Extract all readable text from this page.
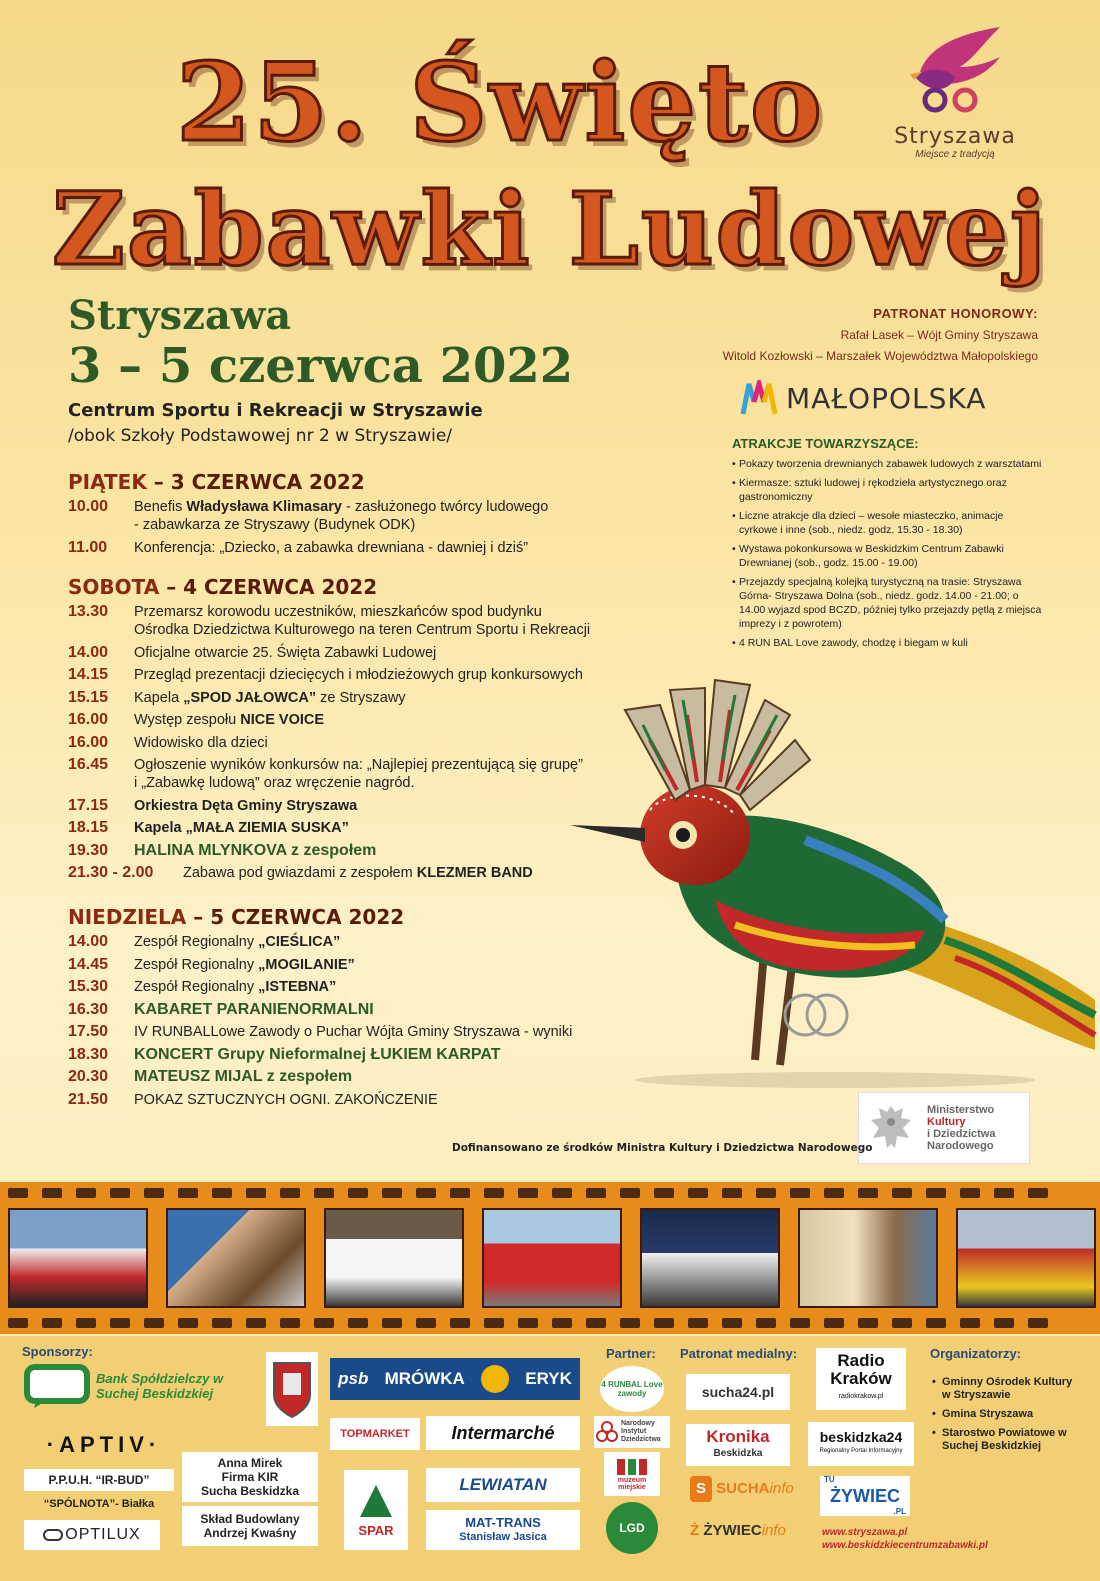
25. Święto
Zabawki Ludowej
Stryszawa
Miejsce z tradycją
Stryszawa
3 – 5 czerwca 2022
Centrum Sportu i Rekreacji w Stryszawie
/obok Szkoły Podstawowej nr 2 w Stryszawie/
PATRONAT HONOROWY:
Rafał Lasek – Wójt Gminy Stryszawa
Witold Kozłowski – Marszałek Województwa Małopolskiego
MAŁOPOLSKA
ATRAKCJE TOWARZYSZĄCE:
• Pokazy tworzenia drewnianych zabawek ludowych z warsztatami
• Kiermasze: sztuki ludowej i rękodzieła artystycznego oraz gastronomiczny
• Liczne atrakcje dla dzieci – wesołe miasteczko, animacje cyrkowe i inne (sob., niedz. godz. 15.30 - 18.30)
• Wystawa pokonkursowa w Beskidzkim Centrum Zabawki Drewnianej (sob., godz. 15.00 - 19.00)
• Przejazdy specjalną kolejką turystyczną na trasie: Stryszawa Górna- Stryszawa Dolna (sob., niedz. godz. 14.00 - 21.00; o 14.00 wyjazd spod BCZD, później tylko przejazdy pętlą z miejsca imprezy i z powrotem)
• 4 RUN BAL Love zawody, chodzę i biegam w kuli
PIĄTEK – 3 CZERWCA 2022
10.00	Benefis Władysława Klimasary - zasłużonego twórcy ludowego
- zabawkarza ze Stryszawy (Budynek ODK)
11.00	Konferencja: „Dziecko, a zabawka drewniana - dawniej i dziś”
SOBOTA – 4 CZERWCA 2022
13.30	Przemarsz korowodu uczestników, mieszkańców spod budynku
Ośrodka Dziedzictwa Kulturowego na teren Centrum Sportu i Rekreacji
14.00	Oficjalne otwarcie 25. Święta Zabawki Ludowej
14.15	Przegląd prezentacji dziecięcych i młodzieżowych grup konkursowych
15.15	Kapela „SPOD JAŁOWCA” ze Stryszawy
16.00	Występ zespołu NICE VOICE
16.00	Widowisko dla dzieci
16.45	Ogłoszenie wyników konkursów na: „Najlepiej prezentującą się grupę”
i „Zabawkę ludową” oraz wręczenie nagród.
17.15	Orkiestra Dęta Gminy Stryszawa
18.15	Kapela „MAŁA ZIEMIA SUSKA”
19.30	HALINA MLYNKOVA z zespołem
21.30 - 2.00	Zabawa pod gwiazdami z zespołem KLEZMER BAND
NIEDZIELA – 5 CZERWCA 2022
14.00	Zespół Regionalny „CIEŚLICA”
14.45	Zespół Regionalny „MOGILANIE”
15.30	Zespół Regionalny „ISTEBNA”
16.30	KABARET PARANIENORMALNI
17.50	IV RUNBALLowe Zawody o Puchar Wójta Gminy Stryszawa - wyniki
18.30	KONCERT Grupy Nieformalnej ŁUKIEM KARPAT
20.30	MATEUSZ MIJAL z zespołem
21.50	POKAZ SZTUCZNYCH OGNI. ZAKOŃCZENIE
Ministerstwo
Kultury
i Dziedzictwa
Narodowego
Dofinansowano ze środków Ministra Kultury i Dziedzictwa Narodowego
Sponsorzy:
Bank Spółdzielczy w Suchej Beskidzkiej
psb MRÓWKA	ERYK
·APTIV·
P.P.U.H. “IR-BUD”
“SPÓLNOTA”- Białka
OPTILUX
Anna Mirek
Firma KIR
Sucha Beskidzka
Skład Budowlany
Andrzej Kwaśny
TOPMARKET	Intermarché
SPAR
LEWIATAN
MAT-TRANS
Stanisław Jasica
Partner:
4 RUNBAL Love
zawody
Narodowy
Instytut
Dziedzictwa
muzeum miejskie
LGD
Patronat medialny:
sucha24.pl
Radio
Kraków
radiokrakow.pl
Kronika
Beskidzka
beskidzka24
Regionalny Portal Informacyjny
S SUCHAinfo
Ż ŻYWIECinfo
TU
ŻYWIEC
.PL
www.stryszawa.pl
www.beskidzkiecentrumzabawki.pl
Organizatorzy:
• Gminny Ośrodek Kultury w Stryszawie
• Gmina Stryszawa
• Starostwo Powiatowe w Suchej Beskidzkiej
